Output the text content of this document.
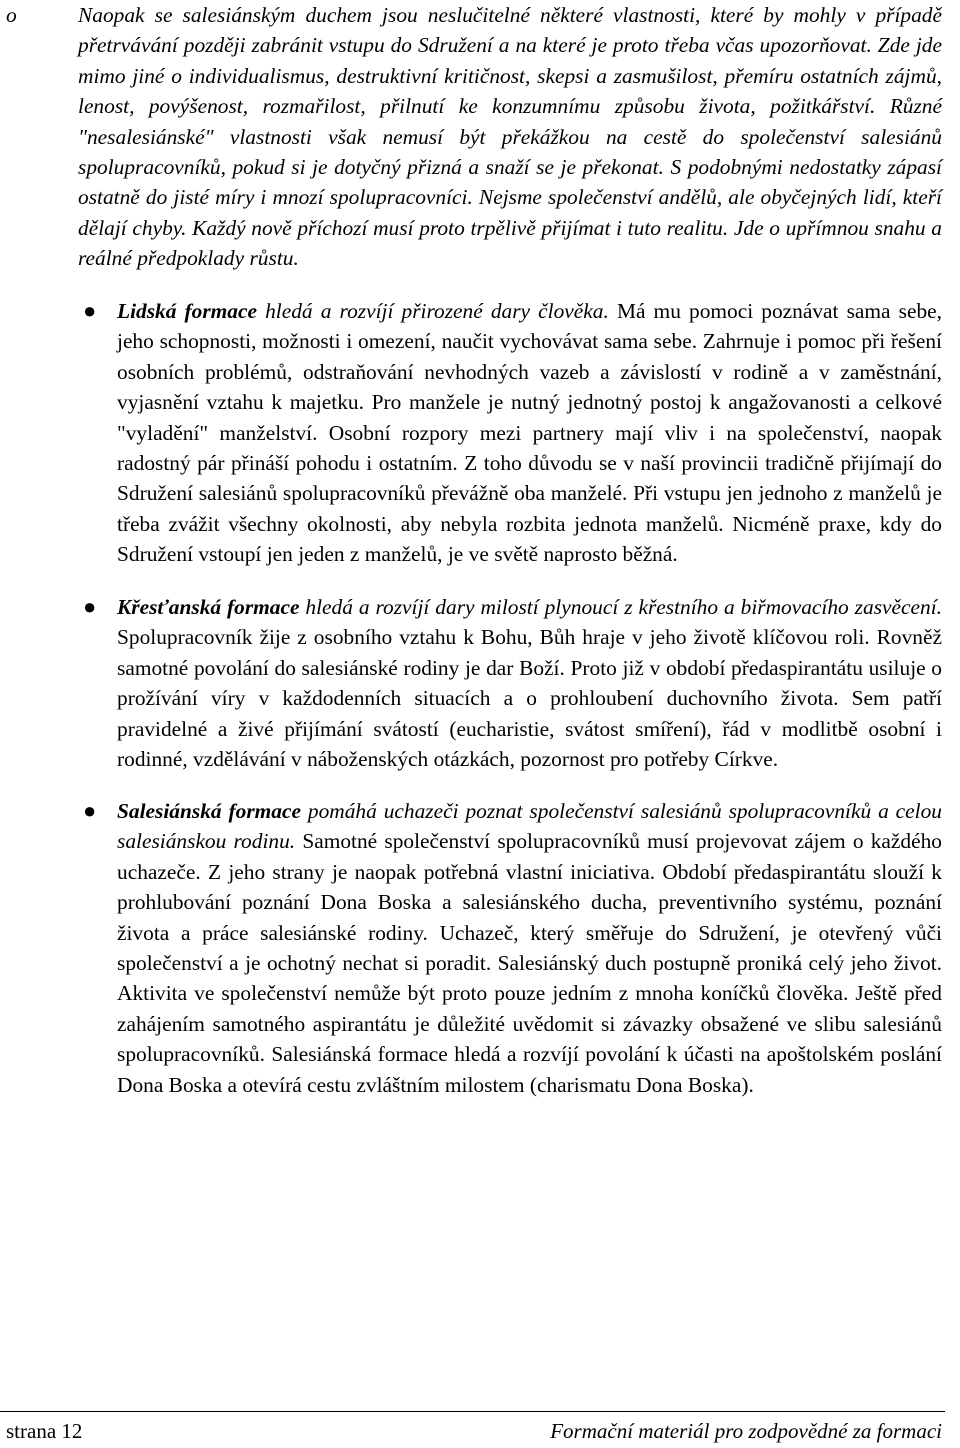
o	Naopak se salesiánským duchem jsou neslučitelné některé vlastnosti, které by mohly v případě přetrvávání později zabránit vstupu do Sdružení a na které je proto třeba včas upozorňovat. Zde jde mimo jiné o individualismus, destruktivní kritičnost, skepsi a zasmušilost, přemíru ostatních zájmů, lenost, povýšenost, rozmařilost, přilnutí ke konzumnímu způsobu života, požitkářství. Různé "nesalesiánské" vlastnosti však nemusí být překážkou na cestě do společenství salesiánů spolupracovníků, pokud si je dotyčný přizná a snaží se je překonat. S podobnými nedostatky zápasí ostatně do jisté míry i mnozí spolupracovníci. Nejsme společenství andělů, ale obyčejných lidí, kteří dělají chyby. Každý nově příchozí musí proto trpělivě přijímat i tuto realitu. Jde o upřímnou snahu a reálné předpoklady růstu.
● Lidská formace hledá a rozvíjí přirozené dary člověka. Má mu pomoci poznávat sama sebe, jeho schopnosti, možnosti i omezení, naučit vychovávat sama sebe. Zahrnuje i pomoc při řešení osobních problémů, odstraňování nevhodných vazeb a závislostí v rodině a v zaměstnání, vyjasnění vztahu k majetku. Pro manžele je nutný jednotný postoj k angažovanosti a celkové "vyladění" manželství. Osobní rozpory mezi partnery mají vliv i na společenství, naopak radostný pár přináší pohodu i ostatním. Z toho důvodu se v naší provincii tradičně přijímají do Sdružení salesiánů spolupracovníků převážně oba manželé. Při vstupu jen jednoho z manželů je třeba zvážit všechny okolnosti, aby nebyla rozbita jednota manželů. Nicméně praxe, kdy do Sdružení vstoupí jen jeden z manželů, je ve světě naprosto běžná.
● Křesťanská formace hledá a rozvíjí dary milostí plynoucí z křestního a biřmovacího zasvěcení. Spolupracovník žije z osobního vztahu k Bohu, Bůh hraje v jeho životě klíčovou roli. Rovněž samotné povolání do salesiánské rodiny je dar Boží. Proto již v období předaspirantátu usiluje o prožívání víry v každodenních situacích a o prohloubení duchovního života. Sem patří pravidelné a živé přijímání svátostí (eucharistie, svátost smíření), řád v modlitbě osobní i rodinné, vzdělávání v náboženských otázkách, pozornost pro potřeby Církve.
● Salesiánská formace pomáhá uchazeči poznat společenství salesiánů spolupracovníků a celou salesiánskou rodinu. Samotné společenství spolupracovníků musí projevovat zájem o každého uchazeče. Z jeho strany je naopak potřebná vlastní iniciativa. Období předaspirantátu slouží k prohlubování poznání Dona Boska a salesiánského ducha, preventivního systému, poznání života a práce salesiánské rodiny. Uchazeč, který směřuje do Sdružení, je otevřený vůči společenství a je ochotný nechat si poradit. Salesiánský duch postupně proniká celý jeho život. Aktivita ve společenství nemůže být proto pouze jedním z mnoha koníčků člověka. Ještě před zahájením samotného aspirantátu je důležité uvědomit si závazky obsažené ve slibu salesiánů spolupracovníků. Salesiánská formace hledá a rozvíjí povolání k účasti na apoštolském poslání Dona Boska a otevírá cestu zvláštním milostem (charismatu Dona Boska).
strana 12	Formační materiál pro zodpovědné za formaci
